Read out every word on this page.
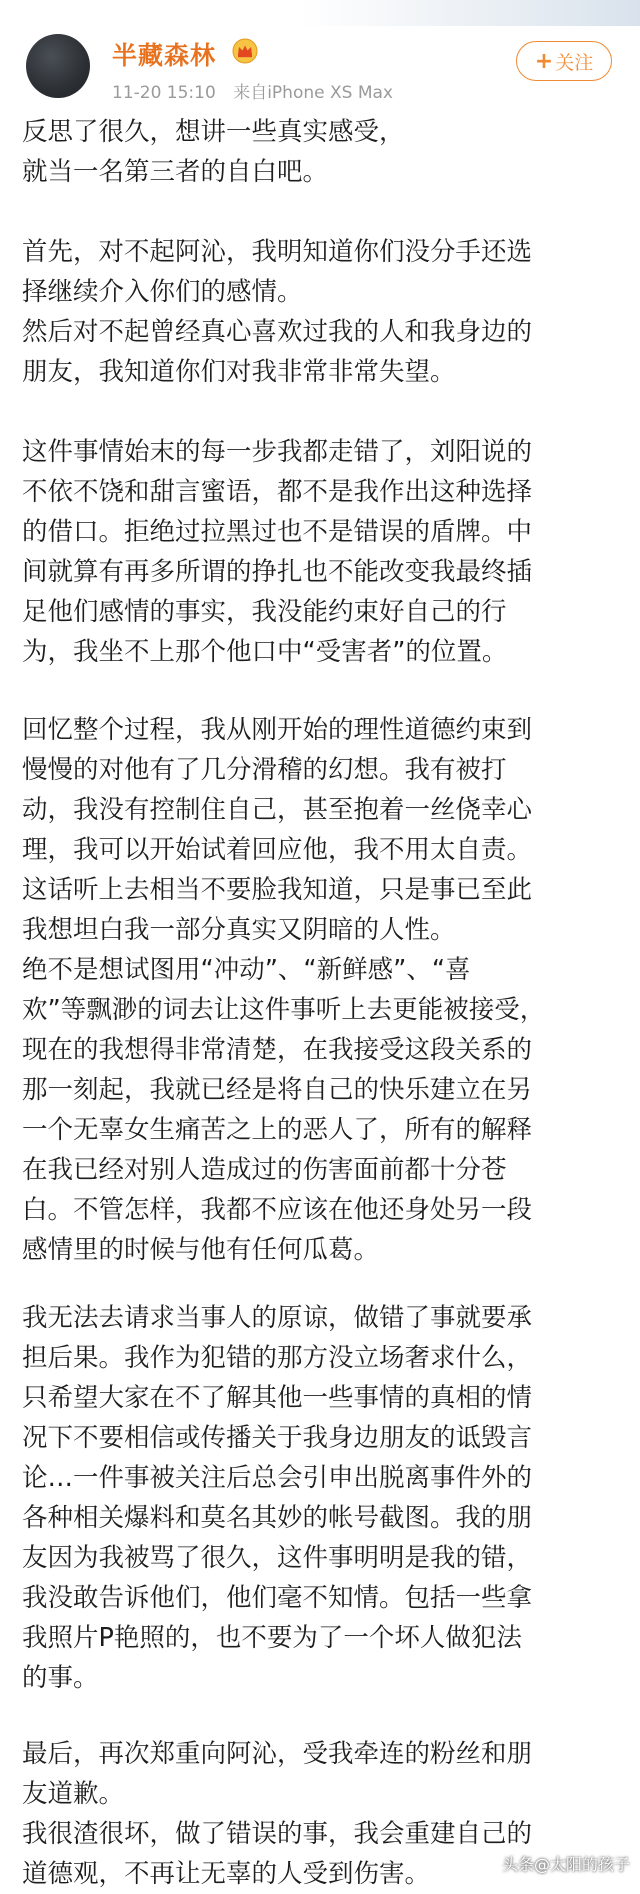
半藏森林
11-20 15:10 来自iPhone XS Max
+ 关注
反思了很久，想讲一些真实感受，
就当一名第三者的自白吧。
首先，对不起阿沁，我明知道你们没分手还选
择继续介入你们的感情。
然后对不起曾经真心喜欢过我的人和我身边的
朋友，我知道你们对我非常非常失望。
这件事情始末的每一步我都走错了，刘阳说的
不依不饶和甜言蜜语，都不是我作出这种选择
的借口。拒绝过拉黑过也不是错误的盾牌。中
间就算有再多所谓的挣扎也不能改变我最终插
足他们感情的事实，我没能约束好自己的行
为，我坐不上那个他口中“受害者”的位置。
回忆整个过程，我从刚开始的理性道德约束到
慢慢的对他有了几分滑稽的幻想。我有被打
动，我没有控制住自己，甚至抱着一丝侥幸心
理，我可以开始试着回应他，我不用太自责。
这话听上去相当不要脸我知道，只是事已至此
我想坦白我一部分真实又阴暗的人性。
绝不是想试图用“冲动”、“新鲜感”、“喜
欢”等飘渺的词去让这件事听上去更能被接受，
现在的我想得非常清楚，在我接受这段关系的
那一刻起，我就已经是将自己的快乐建立在另
一个无辜女生痛苦之上的恶人了，所有的解释
在我已经对别人造成过的伤害面前都十分苍
白。不管怎样，我都不应该在他还身处另一段
感情里的时候与他有任何瓜葛。
我无法去请求当事人的原谅，做错了事就要承
担后果。我作为犯错的那方没立场奢求什么，
只希望大家在不了解其他一些事情的真相的情
况下不要相信或传播关于我身边朋友的诋毁言
论…一件事被关注后总会引申出脱离事件外的
各种相关爆料和莫名其妙的帐号截图。我的朋
友因为我被骂了很久，这件事明明是我的错，
我没敢告诉他们，他们毫不知情。包括一些拿
我照片P艳照的，也不要为了一个坏人做犯法
的事。
最后，再次郑重向阿沁，受我牵连的粉丝和朋
友道歉。
我很渣很坏，做了错误的事，我会重建自己的
道德观，不再让无辜的人受到伤害。	头条@太阳的孩子
